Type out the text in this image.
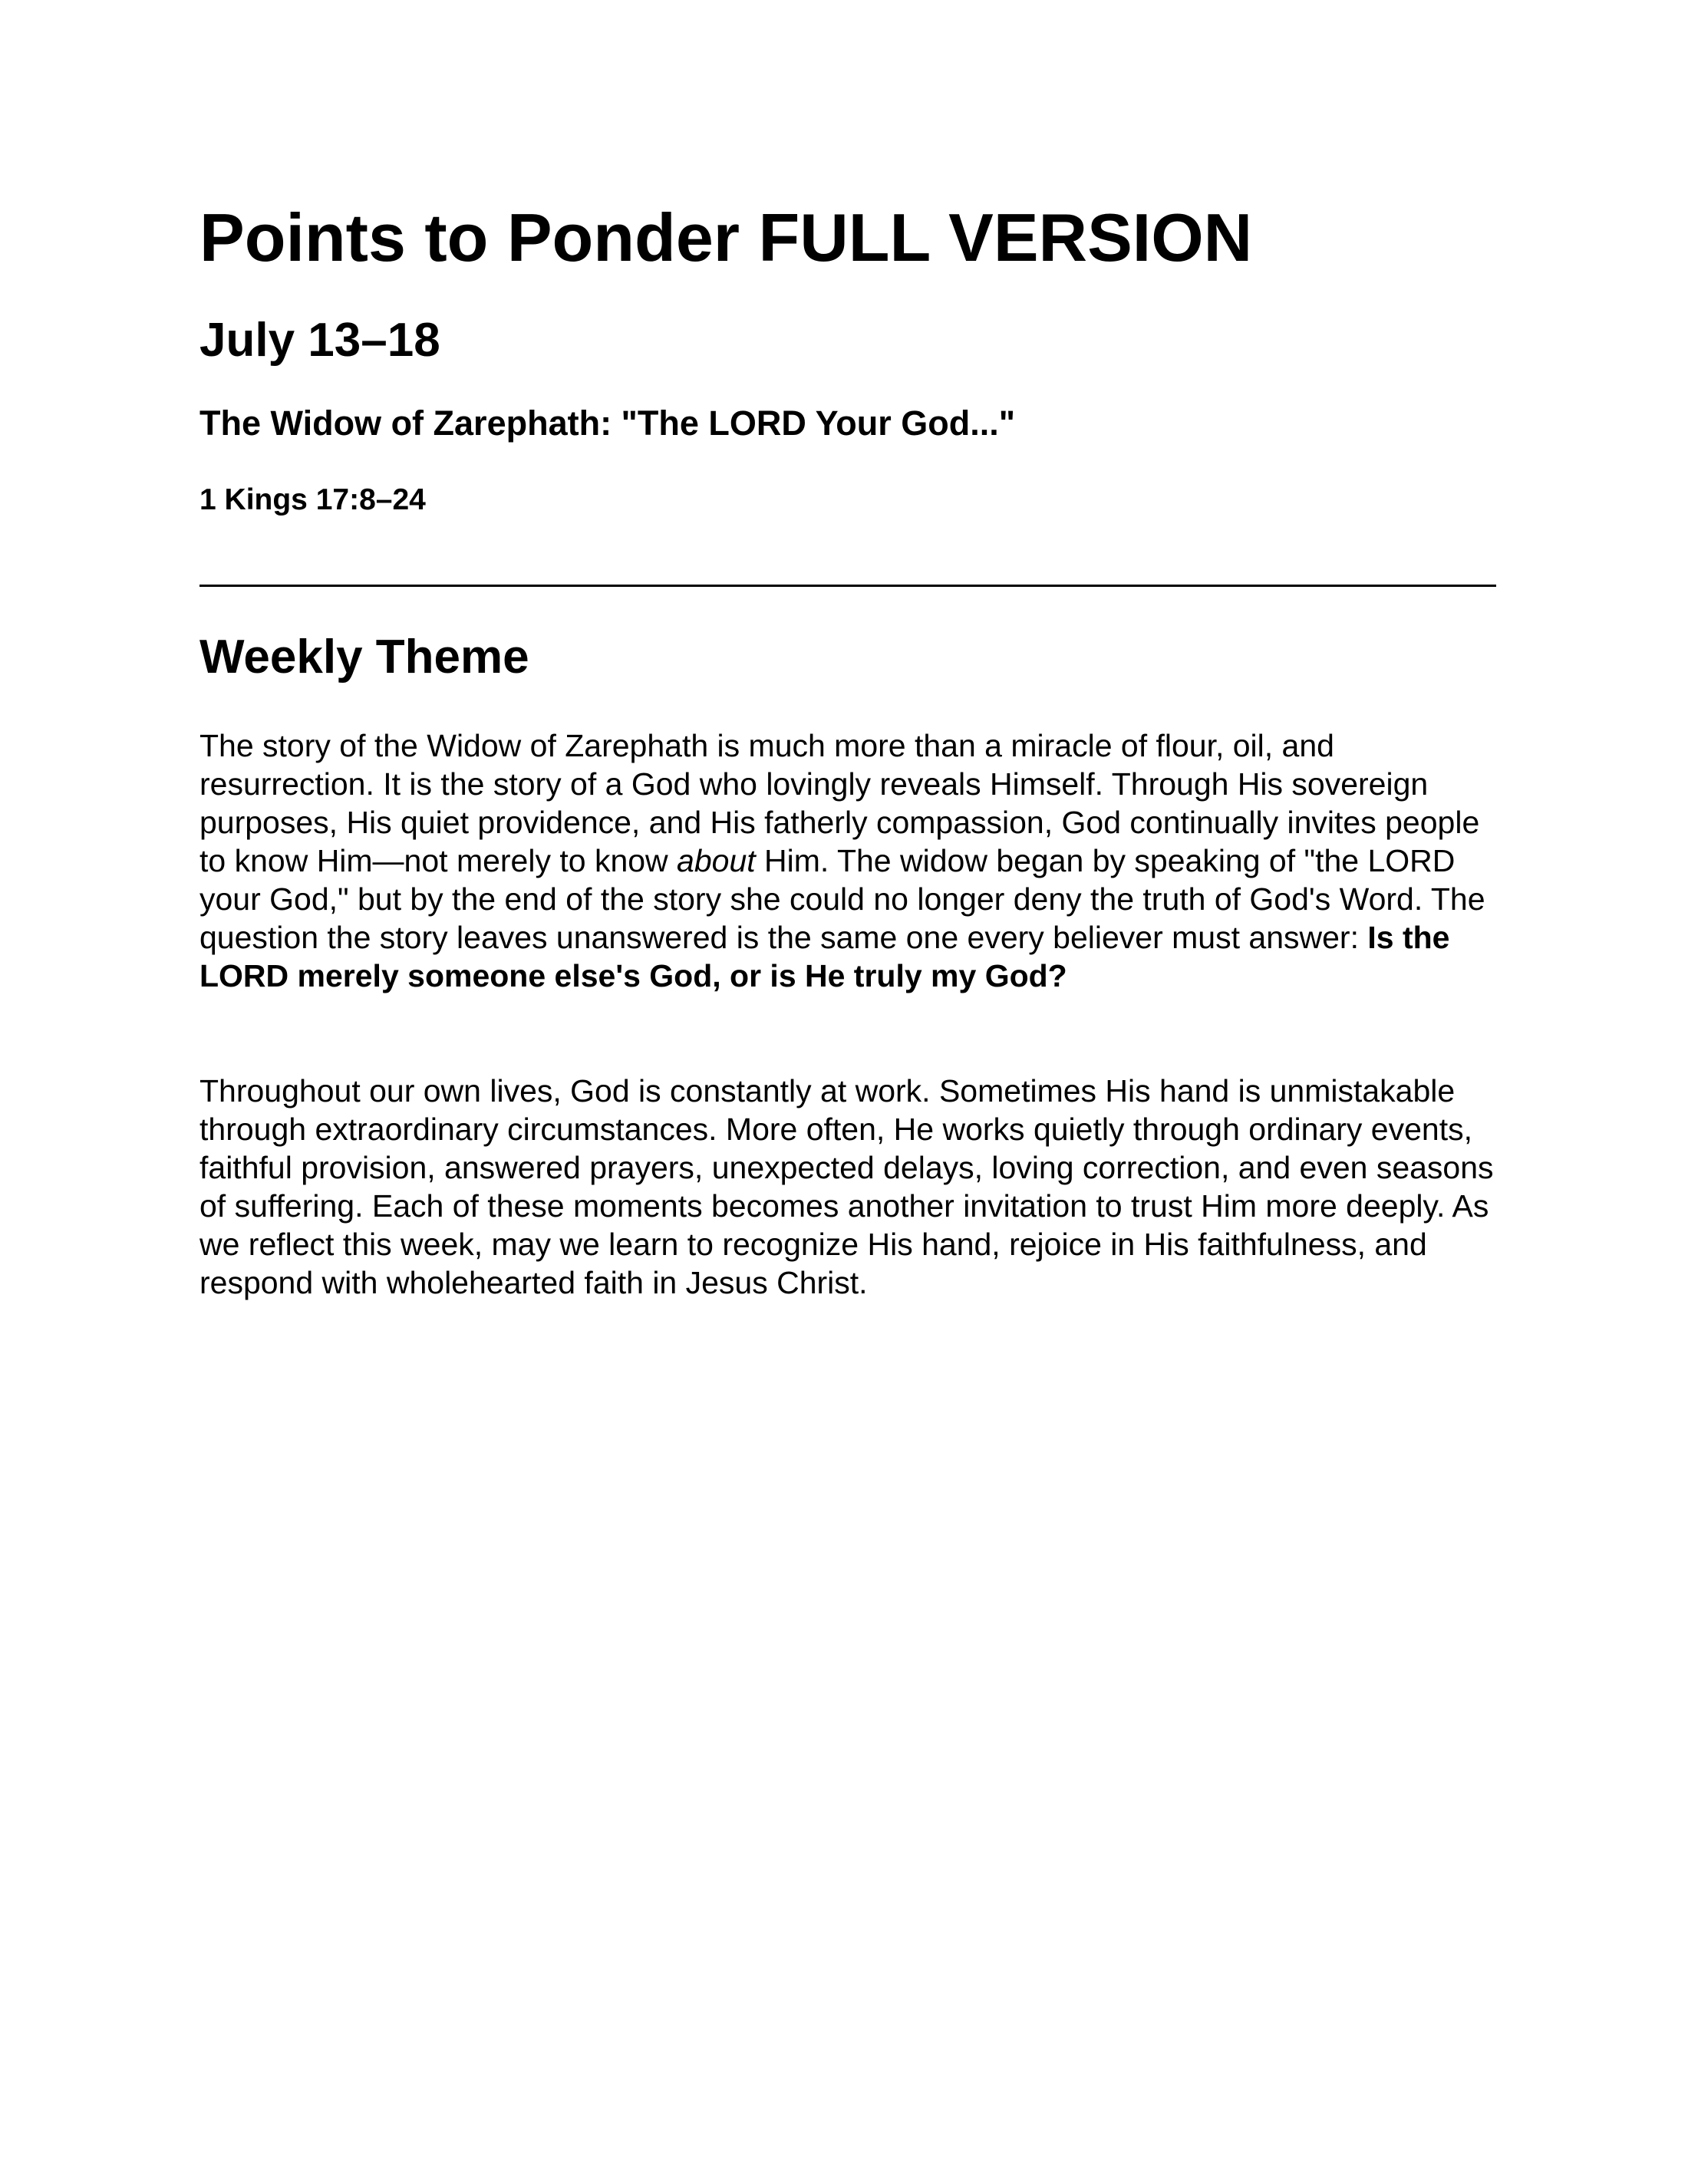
Points to Ponder FULL VERSION
July 13–18
The Widow of Zarephath: "The LORD Your God..."
1 Kings 17:8–24
Weekly Theme

The story of the Widow of Zarephath is much more than a miracle of flour, oil, and resurrection. It is the story of a God who lovingly reveals Himself. Through His sovereign purposes, His quiet providence, and His fatherly compassion, God continually invites people to know Him—not merely to know about Him. The widow began by speaking of "the LORD your God," but by the end of the story she could no longer deny the truth of God's Word. The question the story leaves unanswered is the same one every believer must answer: Is the LORD merely someone else's God, or is He truly my God?

Throughout our own lives, God is constantly at work. Sometimes His hand is unmistakable through extraordinary circumstances. More often, He works quietly through ordinary events, faithful provision, answered prayers, unexpected delays, loving correction, and even seasons of suffering. Each of these moments becomes another invitation to trust Him more deeply. As we reflect this week, may we learn to recognize His hand, rejoice in His faithfulness, and respond with wholehearted faith in Jesus Christ.
